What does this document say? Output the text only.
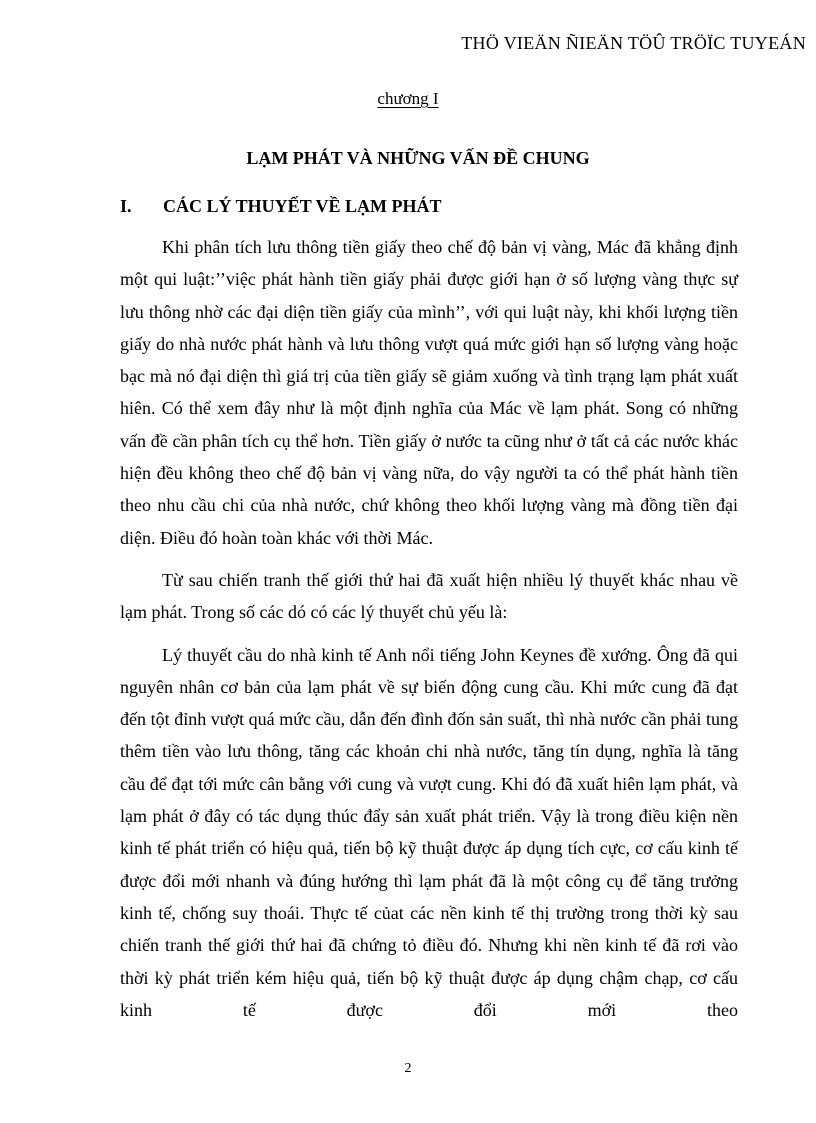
THÖ VIEÄN ÑIEÄN TÖÛ TRÖÏC TUYEÁN
chương I
LẠM PHÁT VÀ NHỮNG VẤN ĐỀ CHUNG
I. CÁC LÝ THUYẾT VỀ LẠM PHÁT

Khi phân tích lưu thông tiền giấy theo chế độ bản vị vàng, Mác đã khẳng định một qui luật:’’việc phát hành tiền giấy phải được giới hạn ở số lượng vàng thực sự lưu thông nhờ các đại diện tiền giấy của mình’’, với qui luật này, khi khối lượng tiền giấy do nhà nước phát hành và lưu thông vượt quá mức giới hạn số lượng vàng hoặc bạc mà nó đại diện thì giá trị của tiền giấy sẽ giảm xuống và tình trạng lạm phát xuất hiên. Có thể xem đây như là một định nghĩa của Mác về lạm phát. Song có những vấn đề cần phân tích cụ thể hơn. Tiền giấy ở nước ta cũng như ở tất cả các nước khác hiện đều không theo chế độ bản vị vàng nữa, do vậy người ta có thể phát hành tiền theo nhu cầu chi của nhà nước, chứ không theo khối lượng vàng mà đồng tiền đại diện. Điều đó hoàn toàn khác với thời Mác.

Từ sau chiến tranh thế giới thứ hai đã xuất hiện nhiều lý thuyết khác nhau về lạm phát. Trong số các dó có các lý thuyết chủ yếu là:

Lý thuyết cầu do nhà kinh tế Anh nổi tiếng John Keynes đề xướng. Ông đã qui nguyên nhân cơ bản của lạm phát về sự biến động cung cầu. Khi mức cung đã đạt đến tột đỉnh vượt quá mức cầu, dẫn đến đình đốn sản suất, thì nhà nước cần phải tung thêm tiền vào lưu thông, tăng các khoản chi nhà nước, tăng tín dụng, nghĩa là tăng cầu để đạt tới mức cân bằng với cung và vượt cung. Khi đó đã xuất hiên lạm phát, và lạm phát ở đây có tác dụng thúc đẩy sản xuất phát triển. Vậy là trong điều kiện nền kinh tế phát triển có hiệu quả, tiến bộ kỹ thuật được áp dụng tích cực, cơ cấu kinh tế được đổi mới nhanh và đúng hướng thì lạm phát đã là một công cụ để tăng trưởng kinh tế, chống suy thoái. Thực tế củat các nền kinh tế thị trường trong thời kỳ sau chiến tranh thế giới thứ hai đã chứng tỏ điều đó. Nhưng khi nền kinh tế đã rơi vào thời kỳ phát triển kém hiệu quả, tiến bộ kỹ thuật được áp dụng chậm chạp, cơ cấu kinh tế được đổi mới theo

2
